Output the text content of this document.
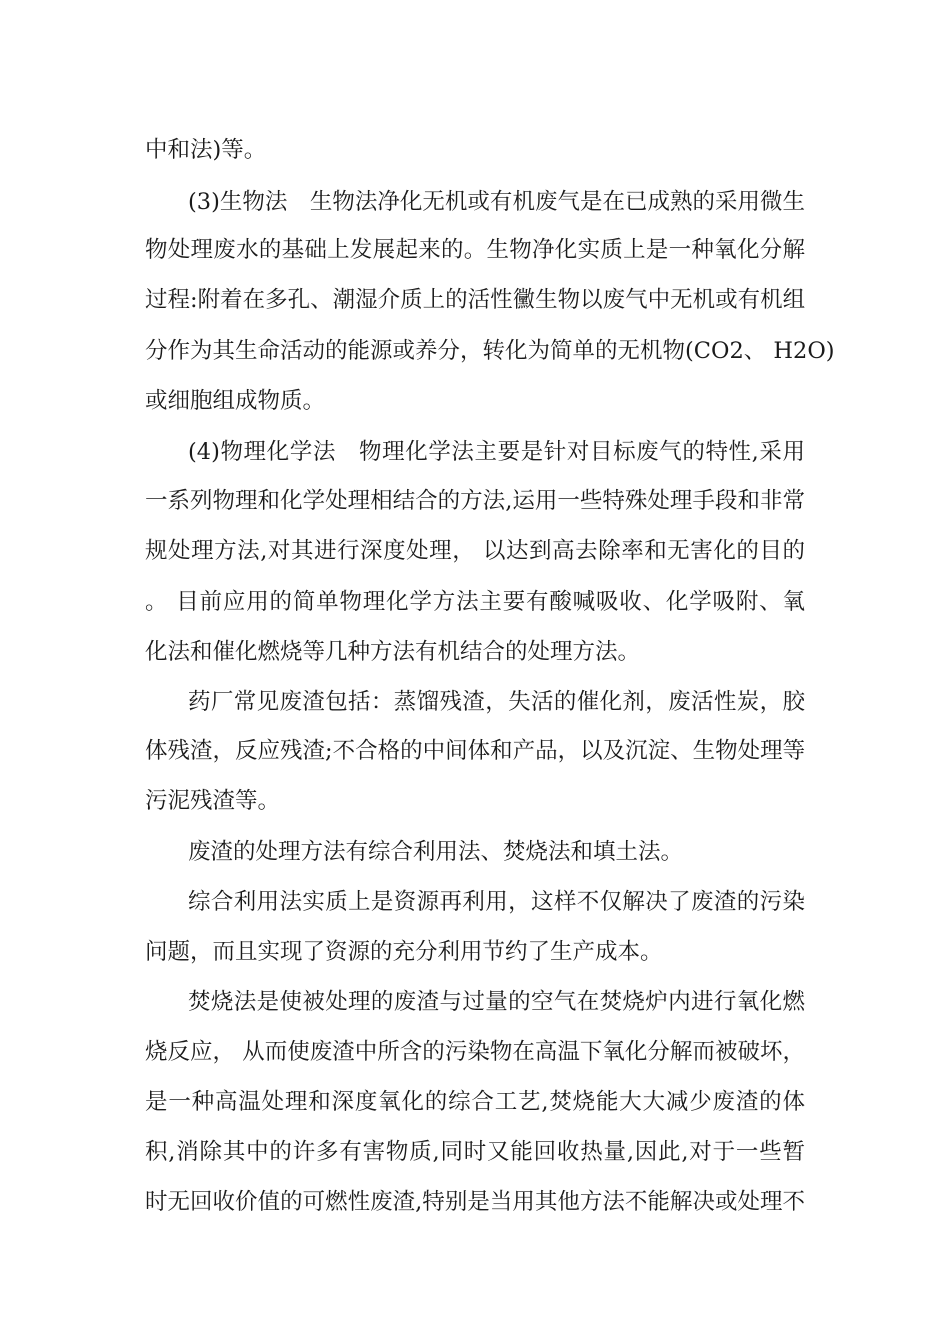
中和法)等。
(3)生物法　生物法净化无机或有机废气是在已成熟的采用微生
物处理废水的基础上发展起来的。生物净化实质上是一种氧化分解
过程:附着在多孔、潮湿介质上的活性黴生物以废气中无机或有机组
分作为其生命活动的能源或养分，转化为简单的无机物(CO2、 H2O)
或细胞组成物质。
(4)物理化学法　物理化学法主要是针对目标废气的特性,采用
一系列物理和化学处理相结合的方法,运用一些特殊处理手段和非常
规处理方法,对其进行深度处理， 以达到高去除率和无害化的目的
。 目前应用的简单物理化学方法主要有酸喊吸收、化学吸附、氧
化法和催化燃烧等几种方法有机结合的处理方法。
药厂常见废渣包括：蒸馏残渣，失活的催化剂，废活性炭，胶
体残渣，反应残渣;不合格的中间体和产品，以及沉淀、生物处理等
污泥残渣等。
废渣的处理方法有综合利用法、焚烧法和填土法。
综合利用法实质上是资源再利用，这样不仅解决了废渣的污染
问题，而且实现了资源的充分利用节约了生产成本。
焚烧法是使被处理的废渣与过量的空气在焚烧炉内进行氧化燃
烧反应， 从而使废渣中所含的污染物在高温下氧化分解而被破坏，
是一种高温处理和深度氧化的综合工艺,焚烧能大大减少废渣的体
积,消除其中的许多有害物质,同时又能回收热量,因此,对于一些暂
时无回收价值的可燃性废渣,特别是当用其他方法不能解决或处理不
